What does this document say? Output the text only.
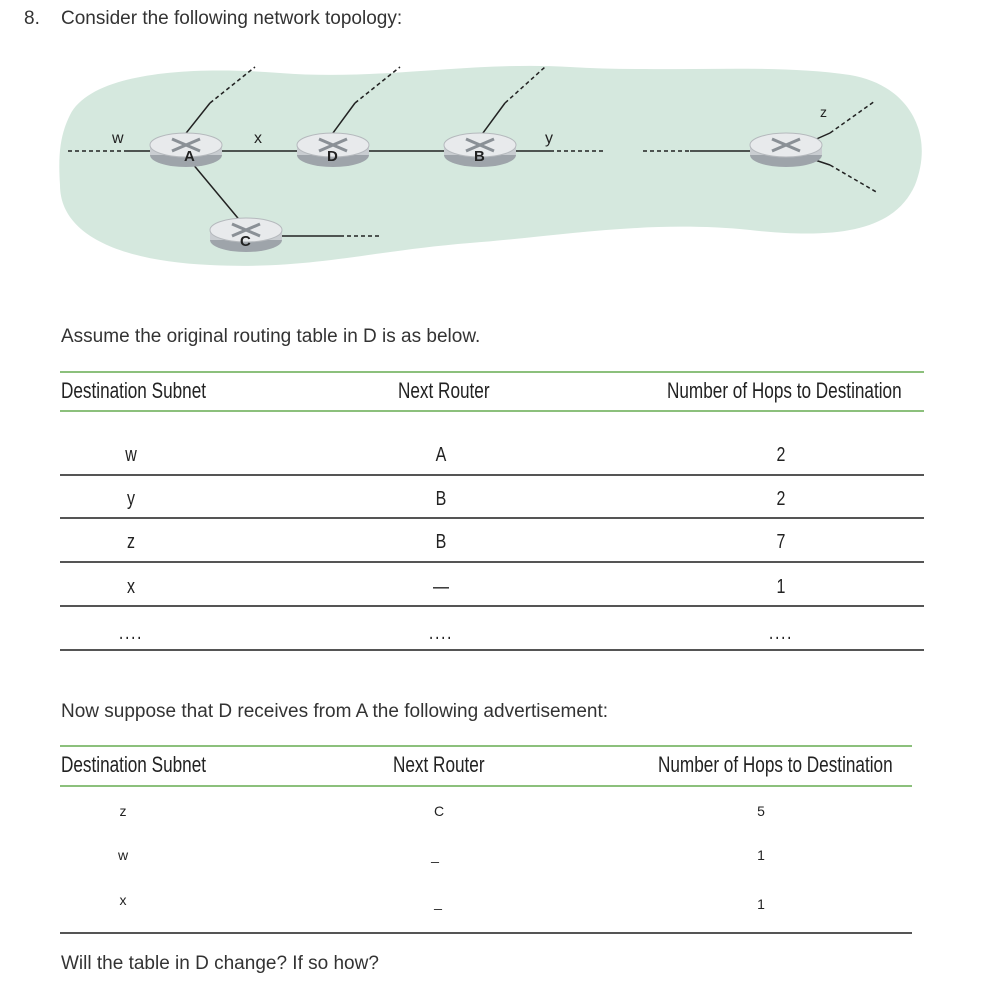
8. Consider the following network topology:
A	D	B
C
w	x	y
z
Assume the original routing table in D is as below.
Destination Subnet	Next Router	Number of Hops to Destination
w	A	2
y	B	2
z	B	7
x	—	1
....	....	....
Now suppose that D receives from A the following advertisement:
Destination Subnet	Next Router	Number of Hops to Destination
z	C	5
w	_	1
x	_	1
Will the table in D change? If so how?
